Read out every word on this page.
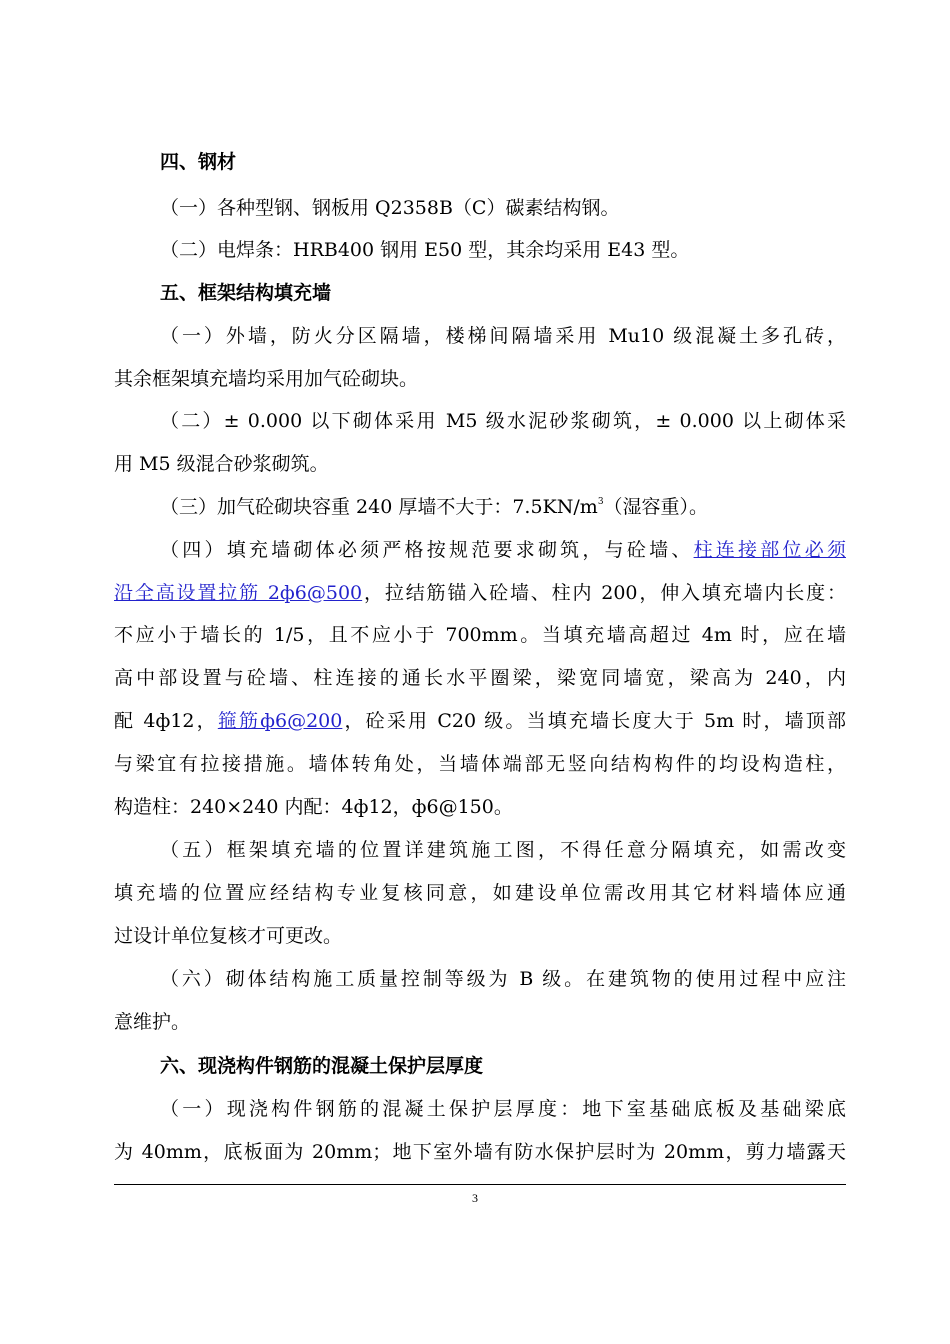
四、钢材
（一）各种型钢、钢板用 Q2358B（C）碳素结构钢。
（二）电焊条：HRB400 钢用 E50 型，其余均采用 E43 型。
五、框架结构填充墙
（一）外墙，防火分区隔墙，楼梯间隔墙采用 Mu10 级混凝土多孔砖，
其余框架填充墙均采用加气砼砌块。
（二）± 0.000 以下砌体采用 M5 级水泥砂浆砌筑，± 0.000 以上砌体采
用 M5 级混合砂浆砌筑。
（三）加气砼砌块容重 240 厚墙不大于：$7.5KN/m^3$（湿容重）。
（四）填充墙砌体必须严格按规范要求砌筑，与砼墙、柱连接部位必须
沿全高设置拉筋 2ф6@500，拉结筋锚入砼墙、柱内 200，伸入填充墙内长度：
不应小于墙长的 1/5，且不应小于 700mm。当填充墙高超过 4m 时，应在墙
高中部设置与砼墙、柱连接的通长水平圈梁，梁宽同墙宽，梁高为 240，内
配 4ф12，箍筋ф6@200，砼采用 C20 级。当填充墙长度大于 5m 时，墙顶部
与梁宜有拉接措施。墙体转角处，当墙体端部无竖向结构构件的均设构造柱，
构造柱：240×240 内配：4ф12，ф6@150。
（五）框架填充墙的位置详建筑施工图，不得任意分隔填充，如需改变
填充墙的位置应经结构专业复核同意，如建设单位需改用其它材料墙体应通
过设计单位复核才可更改。
（六）砌体结构施工质量控制等级为 B 级。在建筑物的使用过程中应注
意维护。
六、现浇构件钢筋的混凝土保护层厚度
（一）现浇构件钢筋的混凝土保护层厚度：地下室基础底板及基础梁底
为 40mm，底板面为 20mm；地下室外墙有防水保护层时为 20mm，剪力墙露天
3
